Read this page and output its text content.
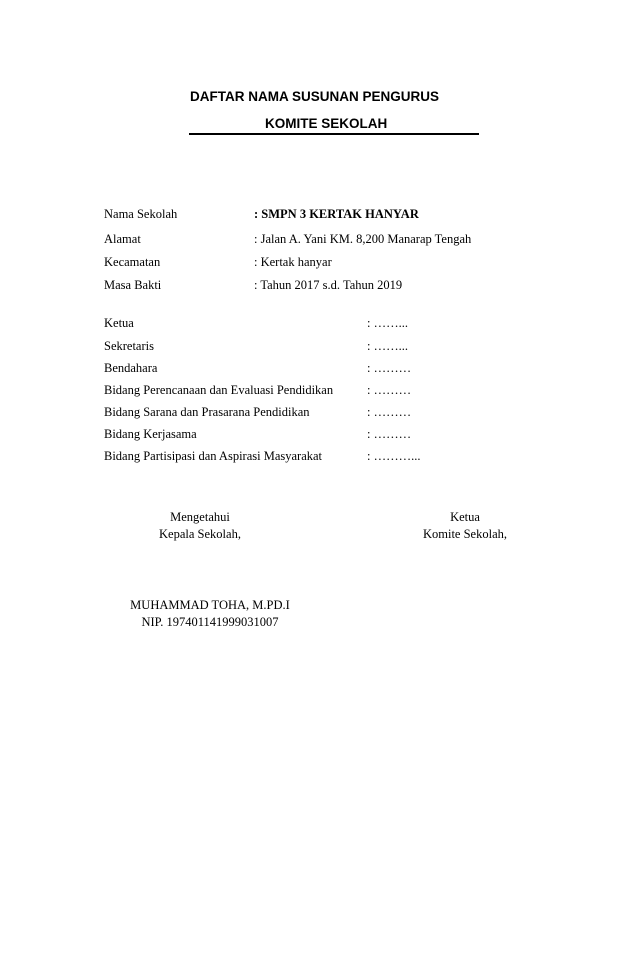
DAFTAR NAMA SUSUNAN PENGURUS
KOMITE SEKOLAH
Nama Sekolah	: SMPN 3 KERTAK HANYAR
Alamat	: Jalan A. Yani KM. 8,200 Manarap Tengah
Kecamatan	: Kertak hanyar
Masa Bakti	: Tahun 2017 s.d. Tahun 2019
Ketua	: ……...
Sekretaris	: ……...
Bendahara	: ………
Bidang Perencanaan dan Evaluasi Pendidikan	: ………
Bidang Sarana dan Prasarana Pendidikan	: ………
Bidang Kerjasama	: ………
Bidang Partisipasi dan Aspirasi Masyarakat	: ………...
Mengetahui
Kepala Sekolah,
Ketua
Komite Sekolah,
MUHAMMAD TOHA, M.PD.I
NIP. 197401141999031007
